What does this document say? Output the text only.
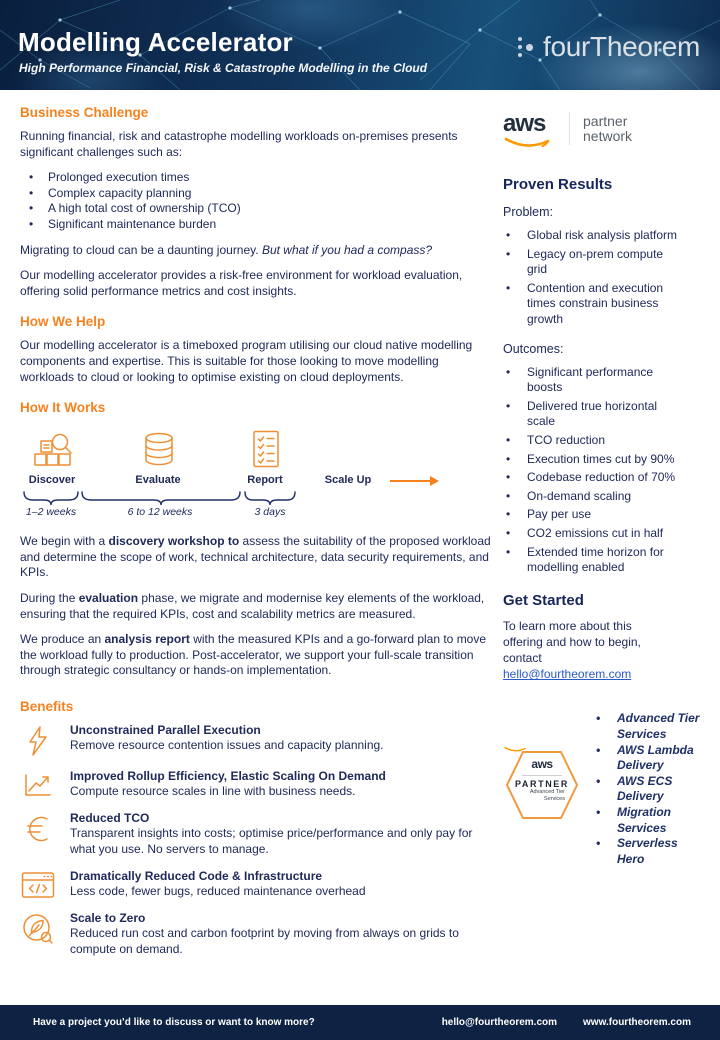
Modelling Accelerator
High Performance Financial, Risk & Catastrophe Modelling in the Cloud
fourTheorem
Business Challenge

Running financial, risk and catastrophe modelling workloads on-premises presents significant challenges such as:

• Prolonged execution times
• Complex capacity planning
• A high total cost of ownership (TCO)
• Significant maintenance burden

Migrating to cloud can be a daunting journey. But what if you had a compass?

Our modelling accelerator provides a risk-free environment for workload evaluation, offering solid performance metrics and cost insights.

How We Help

Our modelling accelerator is a timeboxed program utilising our cloud native modelling components and expertise. This is suitable for those looking to move modelling workloads to cloud or looking to optimise existing on cloud deployments.

How It Works
Discover	Evaluate	Report	Scale Up
1–2 weeks	6 to 12 weeks	3 days

We begin with a discovery workshop to assess the suitability of the proposed workload and determine the scope of work, technical architecture, data security requirements, and KPIs.

During the evaluation phase, we migrate and modernise key elements of the workload, ensuring that the required KPIs, cost and scalability metrics are measured.

We produce an analysis report with the measured KPIs and a go-forward plan to move the workload fully to production. Post-accelerator, we support your full-scale transition through strategic consultancy or hands-on implementation.

Benefits
Unconstrained Parallel Execution
Remove resource contention issues and capacity planning.
Improved Rollup Efficiency, Elastic Scaling On Demand
Compute resource scales in line with business needs.
Reduced TCO
Transparent insights into costs; optimise price/performance and only pay for what you use. No servers to manage.
Dramatically Reduced Code & Infrastructure
Less code, fewer bugs, reduced maintenance overhead
Scale to Zero
Reduced run cost and carbon footprint by moving from always on grids to compute on demand.
aws	partner
network
Proven Results
Problem:
• Global risk analysis platform
• Legacy on-prem compute grid
• Contention and execution times constrain business growth
Outcomes:
• Significant performance boosts
• Delivered true horizontal scale
• TCO reduction
• Execution times cut by 90%
• Codebase reduction of 70%
• On-demand scaling
• Pay per use
• CO2 emissions cut in half
• Extended time horizon for modelling enabled
Get Started
To learn more about this offering and how to begin, contact
hello@fourtheorem.com
aws
PARTNER
Advanced Tier
Services
• Advanced Tier Services
• AWS Lambda Delivery
• AWS ECS Delivery
• Migration Services
• Serverless Hero
Have a project you’d like to discuss or want to know more?	hello@fourtheorem.com	www.fourtheorem.com
